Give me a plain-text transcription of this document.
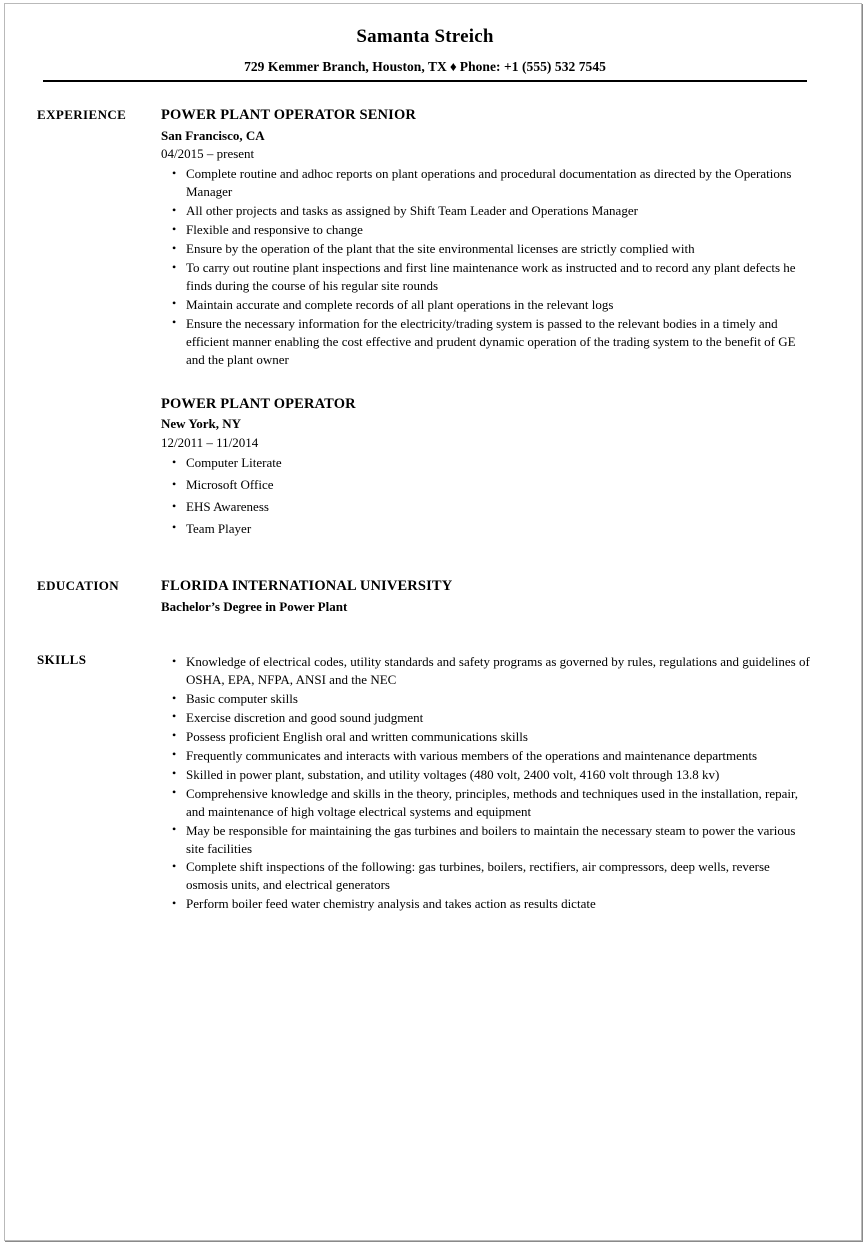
Samanta Streich
729 Kemmer Branch, Houston, TX ♦ Phone: +1 (555) 532 7545
EXPERIENCE	POWER PLANT OPERATOR SENIOR
San Francisco, CA
04/2015 – present
• Complete routine and adhoc reports on plant operations and procedural documentation as directed by the Operations Manager
• All other projects and tasks as assigned by Shift Team Leader and Operations Manager
• Flexible and responsive to change
• Ensure by the operation of the plant that the site environmental licenses are strictly complied with
• To carry out routine plant inspections and first line maintenance work as instructed and to record any plant defects he finds during the course of his regular site rounds
• Maintain accurate and complete records of all plant operations in the relevant logs
• Ensure the necessary information for the electricity/trading system is passed to the relevant bodies in a timely and efficient manner enabling the cost effective and prudent dynamic operation of the trading system to the benefit of GE and the plant owner
POWER PLANT OPERATOR
New York, NY
12/2011 – 11/2014
• Computer Literate
• Microsoft Office
• EHS Awareness
• Team Player
EDUCATION	FLORIDA INTERNATIONAL UNIVERSITY
Bachelor’s Degree in Power Plant
SKILLS	• Knowledge of electrical codes, utility standards and safety programs as governed by rules, regulations and guidelines of OSHA, EPA, NFPA, ANSI and the NEC
• Basic computer skills
• Exercise discretion and good sound judgment
• Possess proficient English oral and written communications skills
• Frequently communicates and interacts with various members of the operations and maintenance departments
• Skilled in power plant, substation, and utility voltages (480 volt, 2400 volt, 4160 volt through 13.8 kv)
• Comprehensive knowledge and skills in the theory, principles, methods and techniques used in the installation, repair, and maintenance of high voltage electrical systems and equipment
• May be responsible for maintaining the gas turbines and boilers to maintain the necessary steam to power the various site facilities
• Complete shift inspections of the following: gas turbines, boilers, rectifiers, air compressors, deep wells, reverse osmosis units, and electrical generators
• Perform boiler feed water chemistry analysis and takes action as results dictate
